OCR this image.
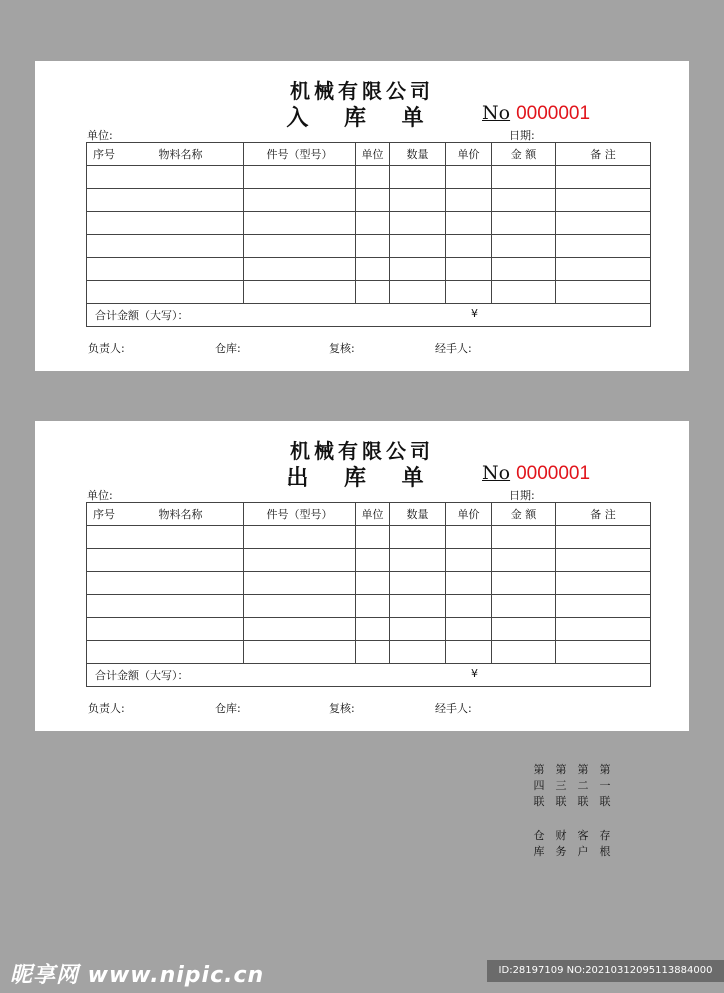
机械有限公司
入 库 单	No 0000001
单位:	日期:
序号 物料名称	件号（型号）	单位	数量	单价	金 额	备 注

合计金额（大写）： ¥						
负责人:	仓库:	复核:	经手人:
机械有限公司
出 库 单	No 0000001
单位:	日期:
序号 物料名称	件号（型号）	单位	数量	单价	金 额	备 注

合计金额（大写）： ¥						
负责人:	仓库:	复核:	经手人:
第
四
联
仓
库
第
三
联
财
务
第
二
联
客
户
第
一
联
存
根
昵享网 www.nipic.cn	ID:28197109 NO:20210312095113884000
